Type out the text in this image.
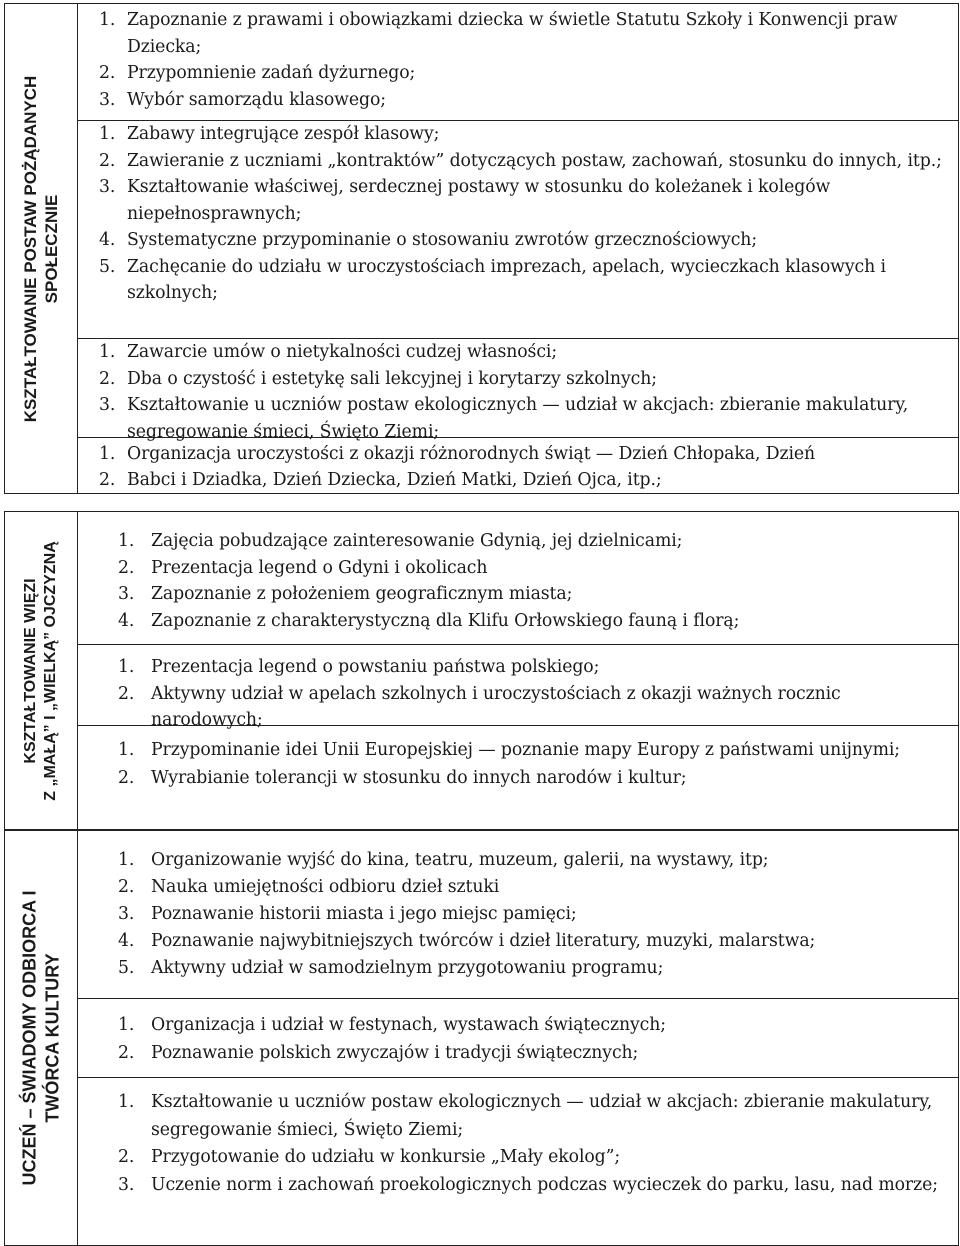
KSZTAŁTOWANIE POSTAW POŻĄDANYCH SPOŁECZNIE
1. Zapoznanie z prawami i obowiązkami dziecka w świetle Statutu Szkoły i Konwencji praw Dziecka;
2. Przypomnienie zadań dyżurnego;
3. Wybór samorządu klasowego;
1. Zabawy integrujące zespół klasowy;
2. Zawieranie z uczniami „kontraktów” dotyczących postaw, zachowań, stosunku do innych, itp.;
3. Kształtowanie właściwej, serdecznej postawy w stosunku do koleżanek i kolegów niepełnosprawnych;
4. Systematyczne przypominanie o stosowaniu zwrotów grzecznościowych;
5. Zachęcanie do udziału w uroczystościach imprezach, apelach, wycieczkach klasowych i szkolnych;
1. Zawarcie umów o nietykalności cudzej własności;
2. Dba o czystość i estetykę sali lekcyjnej i korytarzy szkolnych;
3. Kształtowanie u uczniów postaw ekologicznych — udział w akcjach: zbieranie makulatury, segregowanie śmieci, Święto Ziemi;
1. Organizacja uroczystości z okazji różnorodnych świąt — Dzień Chłopaka, Dzień
2. Babci i Dziadka, Dzień Dziecka, Dzień Matki, Dzień Ojca, itp.;
KSZTAŁTOWANIE WIĘZI Z „MAŁĄ” I „WIELKĄ” OJCZYZNĄ	1. Zajęcia pobudzające zainteresowanie Gdynią, jej dzielnicami;
2. Prezentacja legend o Gdyni i okolicach
3. Zapoznanie z położeniem geograficznym miasta;
4. Zapoznanie z charakterystyczną dla Klifu Orłowskiego fauną i florą;
1. Prezentacja legend o powstaniu państwa polskiego;
2. Aktywny udział w apelach szkolnych i uroczystościach z okazji ważnych rocznic narodowych;
1. Przypominanie idei Unii Europejskiej — poznanie mapy Europy z państwami unijnymi;
2. Wyrabianie tolerancji w stosunku do innych narodów i kultur;
UCZEŃ – ŚWIADOMY ODBIORCA I TWÓRCA KULTURY
1. Organizowanie wyjść do kina, teatru, muzeum, galerii, na wystawy, itp;
2. Nauka umiejętności odbioru dzieł sztuki
3. Poznawanie historii miasta i jego miejsc pamięci;
4. Poznawanie najwybitniejszych twórców i dzieł literatury, muzyki, malarstwa;
5. Aktywny udział w samodzielnym przygotowaniu programu;
1. Organizacja i udział w festynach, wystawach świątecznych;
2. Poznawanie polskich zwyczajów i tradycji świątecznych;
1. Kształtowanie u uczniów postaw ekologicznych — udział w akcjach: zbieranie makulatury, segregowanie śmieci, Święto Ziemi;
2. Przygotowanie do udziału w konkursie „Mały ekolog”;
3. Uczenie norm i zachowań proekologicznych podczas wycieczek do parku, lasu, nad morze;
